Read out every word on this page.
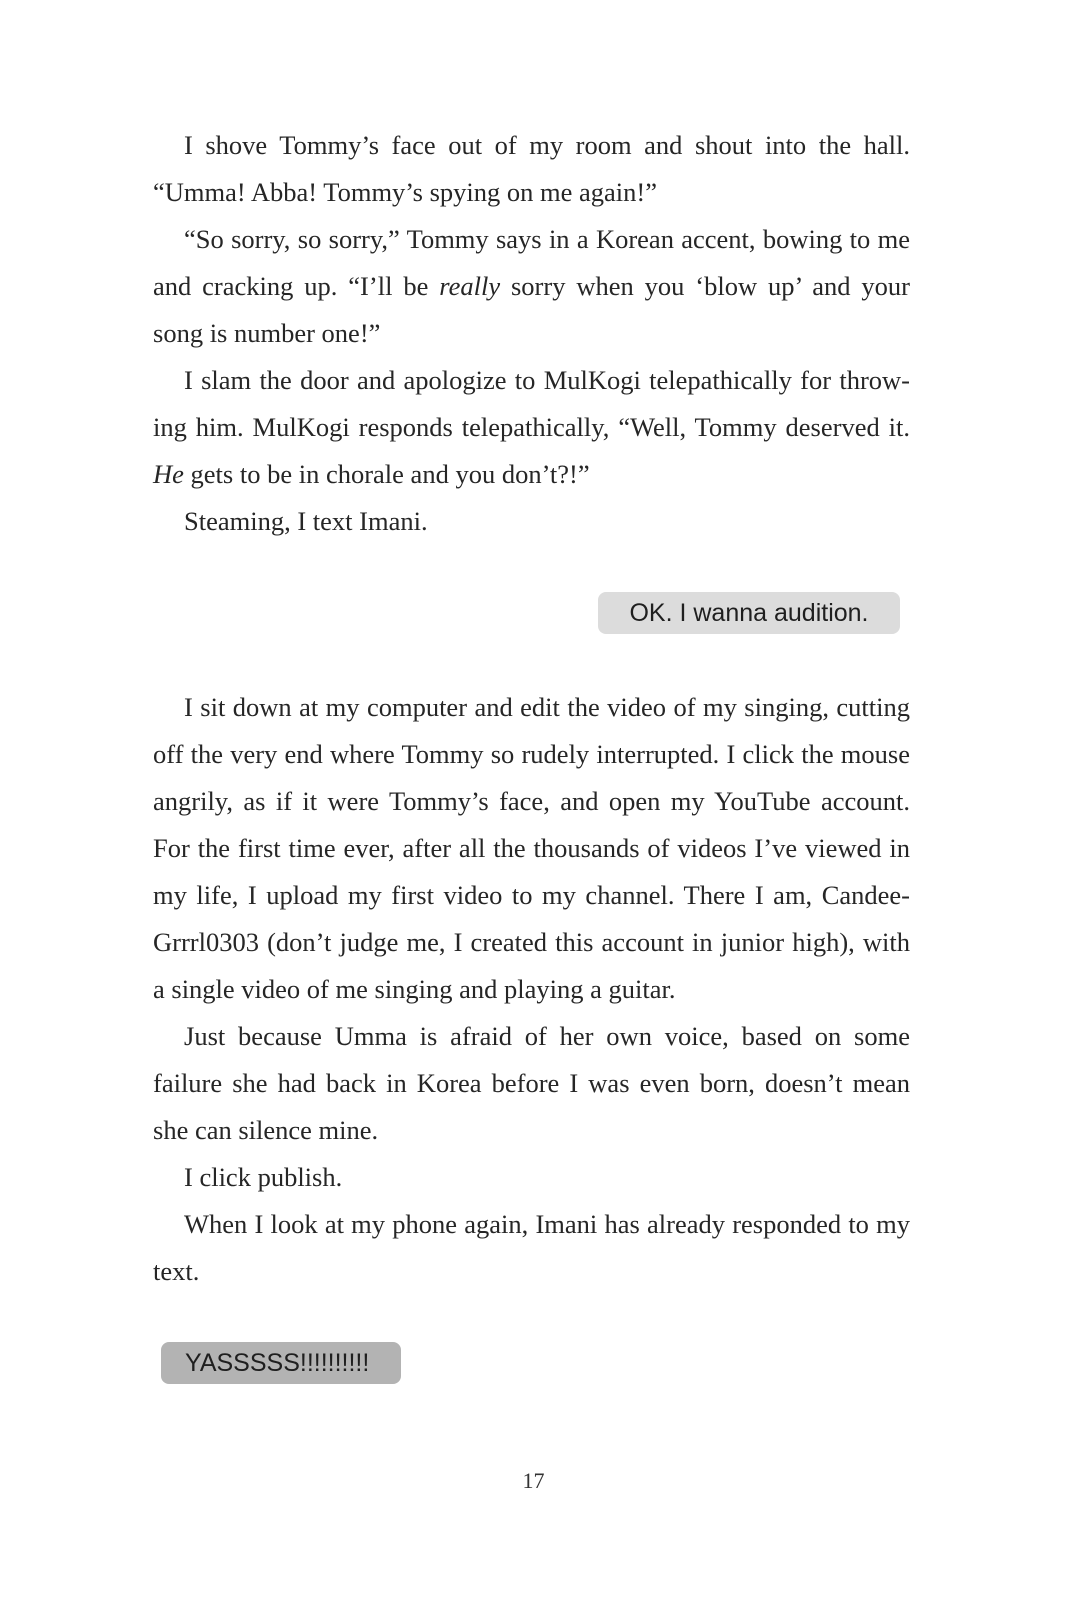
I shove Tommy’s face out of my room and shout into the hall. “Umma! Abba! Tommy’s spying on me again!”

“So sorry, so sorry,” Tommy says in a Korean accent, bowing to me and cracking up. “I’ll be really sorry when you ‘blow up’ and your song is number one!”

I slam the door and apologize to MulKogi telepathically for throwing him. MulKogi responds telepathically, “Well, Tommy deserved it. He gets to be in chorale and you don’t?!”

Steaming, I text Imani.

OK. I wanna audition.

I sit down at my computer and edit the video of my singing, cutting off the very end where Tommy so rudely interrupted. I click the mouse angrily, as if it were Tommy’s face, and open my YouTube account. For the first time ever, after all the thousands of videos I’ve viewed in my life, I upload my first video to my channel. There I am, CandeeGrrrl0303 (don’t judge me, I created this account in junior high), with a single video of me singing and playing a guitar.

Just because Umma is afraid of her own voice, based on some failure she had back in Korea before I was even born, doesn’t mean she can silence mine.

I click publish.

When I look at my phone again, Imani has already responded to my text.

YASSSSS!!!!!!!!!!
17
